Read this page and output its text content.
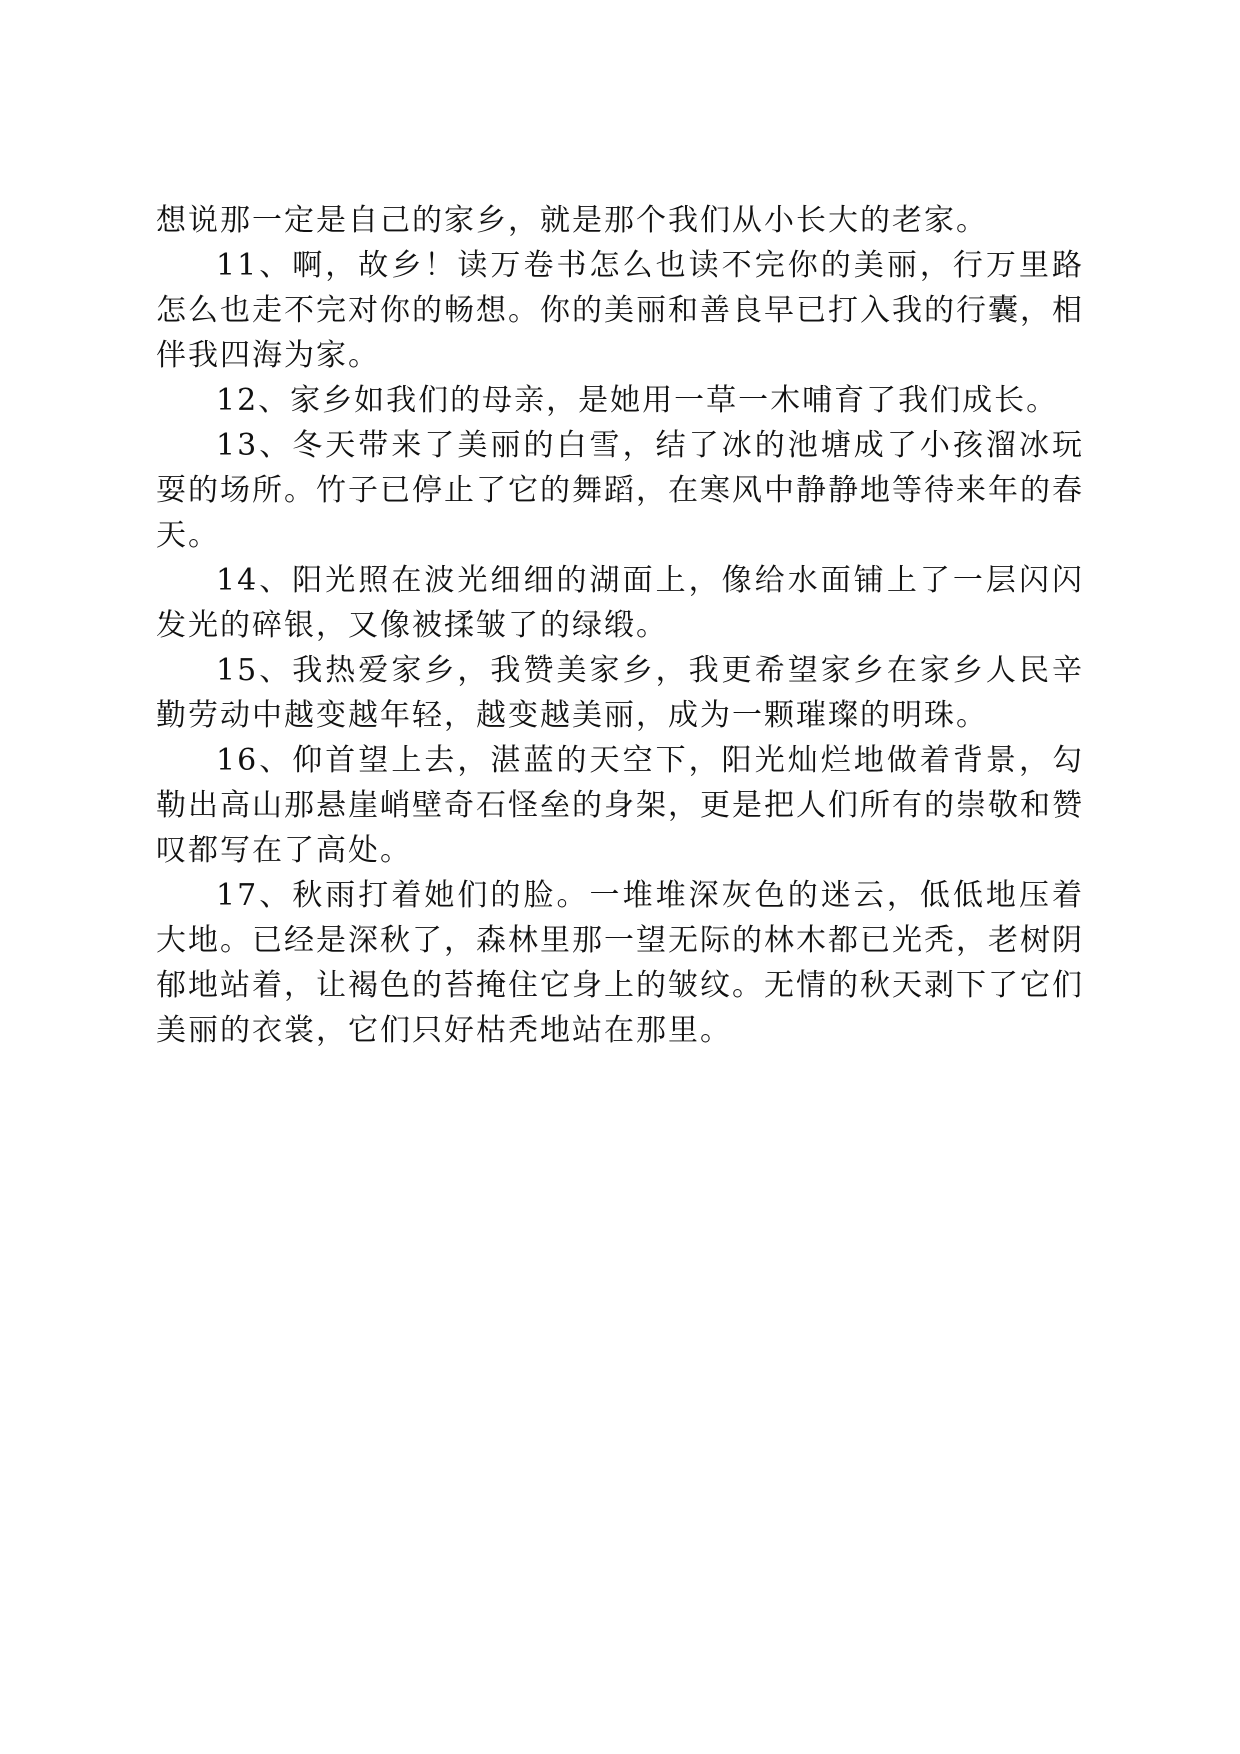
想说那一定是自己的家乡，就是那个我们从小长大的老家。

11、啊，故乡！读万卷书怎么也读不完你的美丽，行万里路怎么也走不完对你的畅想。你的美丽和善良早已打入我的行囊，相伴我四海为家。

12、家乡如我们的母亲，是她用一草一木哺育了我们成长。

13、冬天带来了美丽的白雪，结了冰的池塘成了小孩溜冰玩耍的场所。竹子已停止了它的舞蹈，在寒风中静静地等待来年的春天。

14、阳光照在波光细细的湖面上，像给水面铺上了一层闪闪发光的碎银，又像被揉皱了的绿缎。

15、我热爱家乡，我赞美家乡，我更希望家乡在家乡人民辛勤劳动中越变越年轻，越变越美丽，成为一颗璀璨的明珠。

16、仰首望上去，湛蓝的天空下，阳光灿烂地做着背景，勾勒出高山那悬崖峭壁奇石怪垒的身架，更是把人们所有的崇敬和赞叹都写在了高处。

17、秋雨打着她们的脸。一堆堆深灰色的迷云，低低地压着大地。已经是深秋了，森林里那一望无际的林木都已光秃，老树阴郁地站着，让褐色的苔掩住它身上的皱纹。无情的秋天剥下了它们美丽的衣裳，它们只好枯秃地站在那里。
